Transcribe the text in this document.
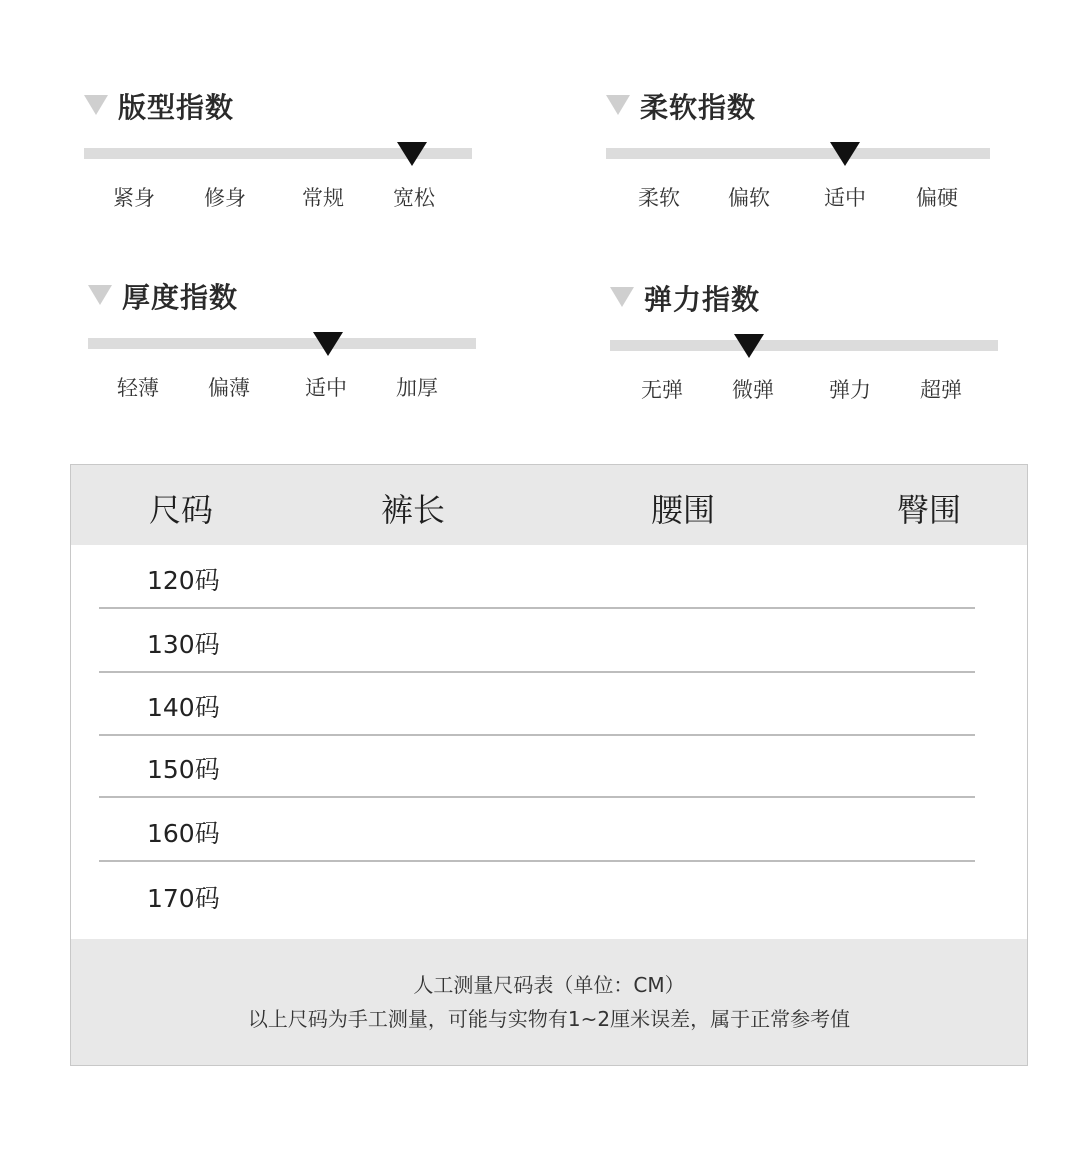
版型指数
紧身	修身	常规	宽松
柔软指数
柔软	偏软	适中	偏硬
厚度指数
轻薄	偏薄	适中	加厚
弹力指数
无弹	微弹	弹力	超弹
尺码	裤长	腰围	臀围
120码
130码
140码
150码
160码
170码
人工测量尺码表（单位：CM）
以上尺码为手工测量，可能与实物有1~2厘米误差，属于正常参考值
